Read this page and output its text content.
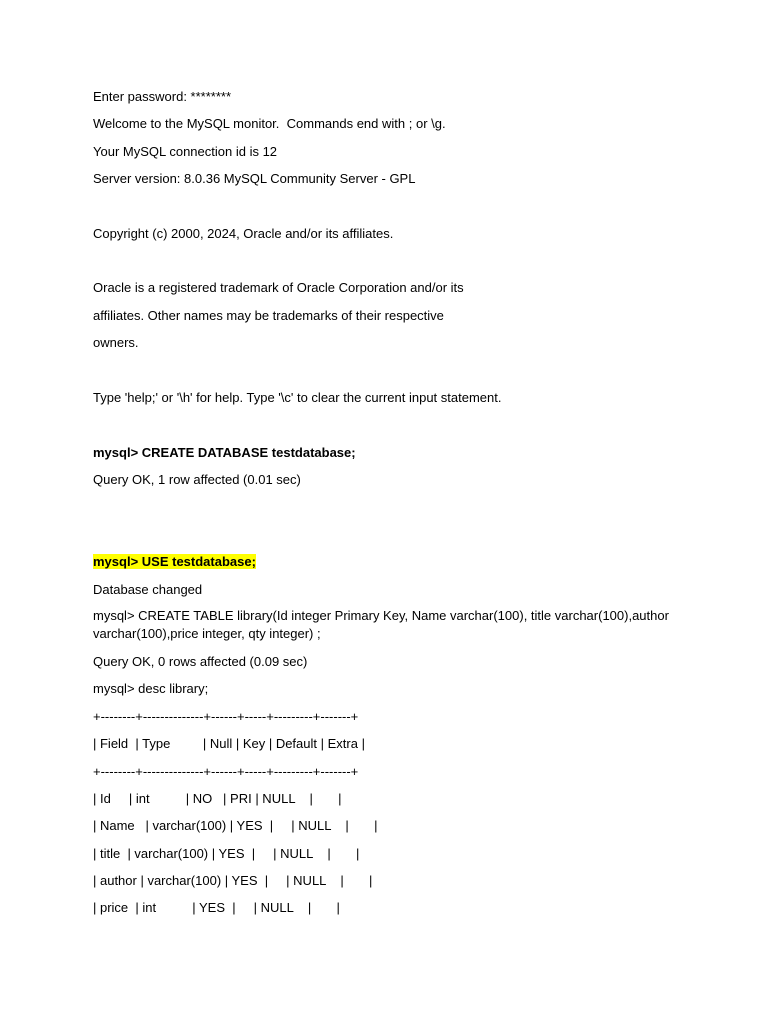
Enter password: ********
Welcome to the MySQL monitor.  Commands end with ; or \g.
Your MySQL connection id is 12
Server version: 8.0.36 MySQL Community Server - GPL
Copyright (c) 2000, 2024, Oracle and/or its affiliates.
Oracle is a registered trademark of Oracle Corporation and/or its
affiliates. Other names may be trademarks of their respective
owners.
Type 'help;' or '\h' for help. Type '\c' to clear the current input statement.
mysql> CREATE DATABASE testdatabase;
Query OK, 1 row affected (0.01 sec)
mysql> USE testdatabase;
Database changed
mysql> CREATE TABLE library(Id integer Primary Key, Name varchar(100), title varchar(100),author varchar(100),price integer, qty integer) ;
Query OK, 0 rows affected (0.09 sec)
mysql> desc library;
+--------+--------------+------+-----+---------+-------+
| Field  | Type         | Null | Key | Default | Extra |
+--------+--------------+------+-----+---------+-------+
| Id     | int          | NO   | PRI | NULL    |       |
| Name   | varchar(100) | YES  |     | NULL    |       |
| title  | varchar(100) | YES  |     | NULL    |       |
| author | varchar(100) | YES  |     | NULL    |       |
| price  | int          | YES  |     | NULL    |       |
